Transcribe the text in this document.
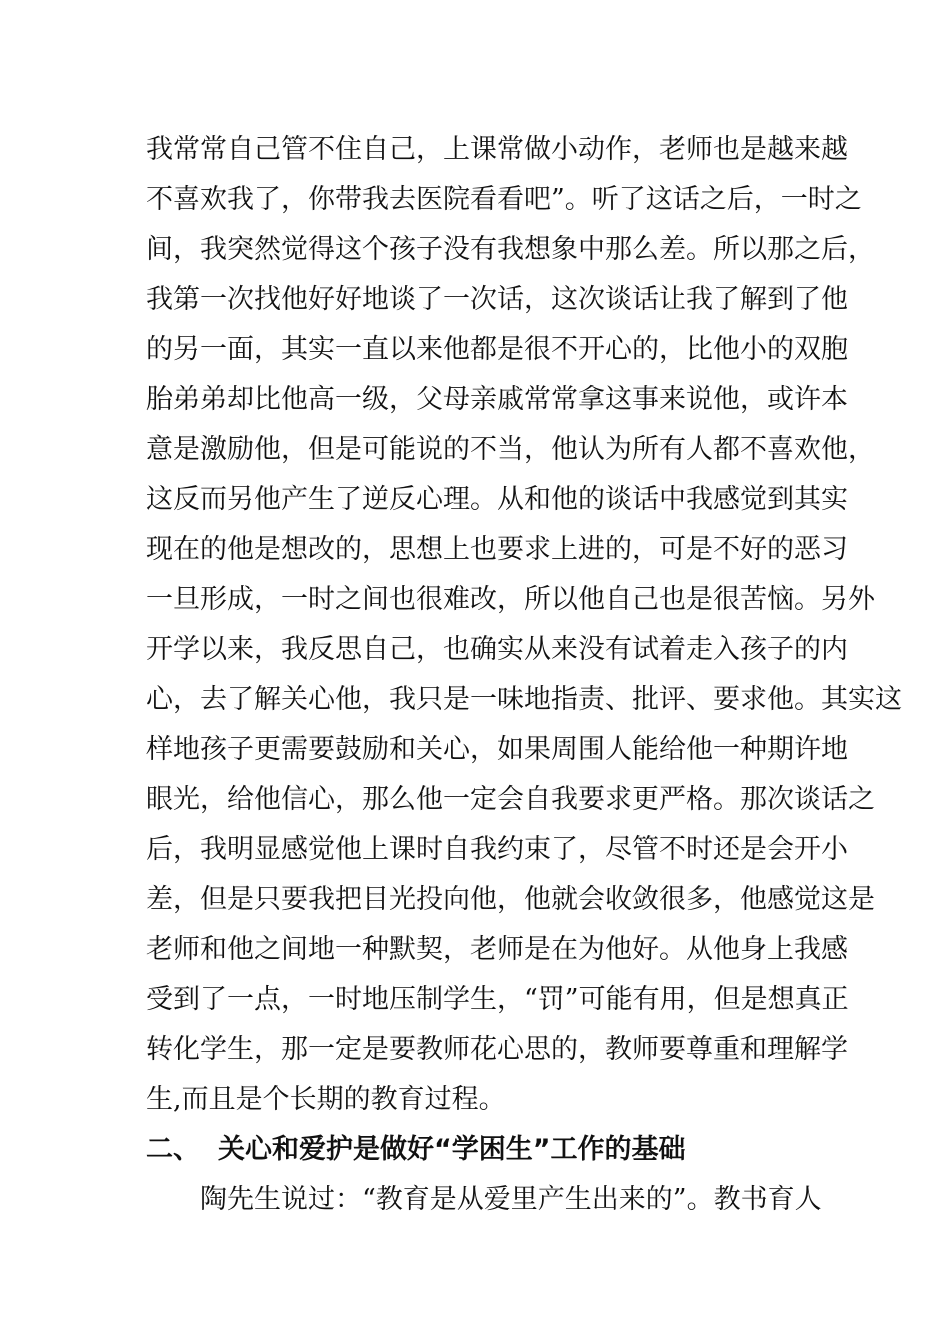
我常常自己管不住自己，上课常做小动作，老师也是越来越
不喜欢我了，你带我去医院看看吧”。听了这话之后，一时之
间，我突然觉得这个孩子没有我想象中那么差。所以那之后，
我第一次找他好好地谈了一次话，这次谈话让我了解到了他
的另一面，其实一直以来他都是很不开心的，比他小的双胞
胎弟弟却比他高一级，父母亲戚常常拿这事来说他，或许本
意是激励他，但是可能说的不当，他认为所有人都不喜欢他，
这反而另他产生了逆反心理。从和他的谈话中我感觉到其实
现在的他是想改的，思想上也要求上进的，可是不好的恶习
一旦形成，一时之间也很难改，所以他自己也是很苦恼。另外
开学以来，我反思自己，也确实从来没有试着走入孩子的内
心，去了解关心他，我只是一味地指责、批评、要求他。其实这
样地孩子更需要鼓励和关心，如果周围人能给他一种期许地
眼光，给他信心，那么他一定会自我要求更严格。那次谈话之
后，我明显感觉他上课时自我约束了，尽管不时还是会开小
差，但是只要我把目光投向他，他就会收敛很多，他感觉这是
老师和他之间地一种默契，老师是在为他好。从他身上我感
受到了一点，一时地压制学生，“罚”可能有用，但是想真正
转化学生，那一定是要教师花心思的，教师要尊重和理解学
生,而且是个长期的教育过程。
二、 关心和爱护是做好“学困生”工作的基础
陶先生说过：“教育是从爱里产生出来的”。教书育人
